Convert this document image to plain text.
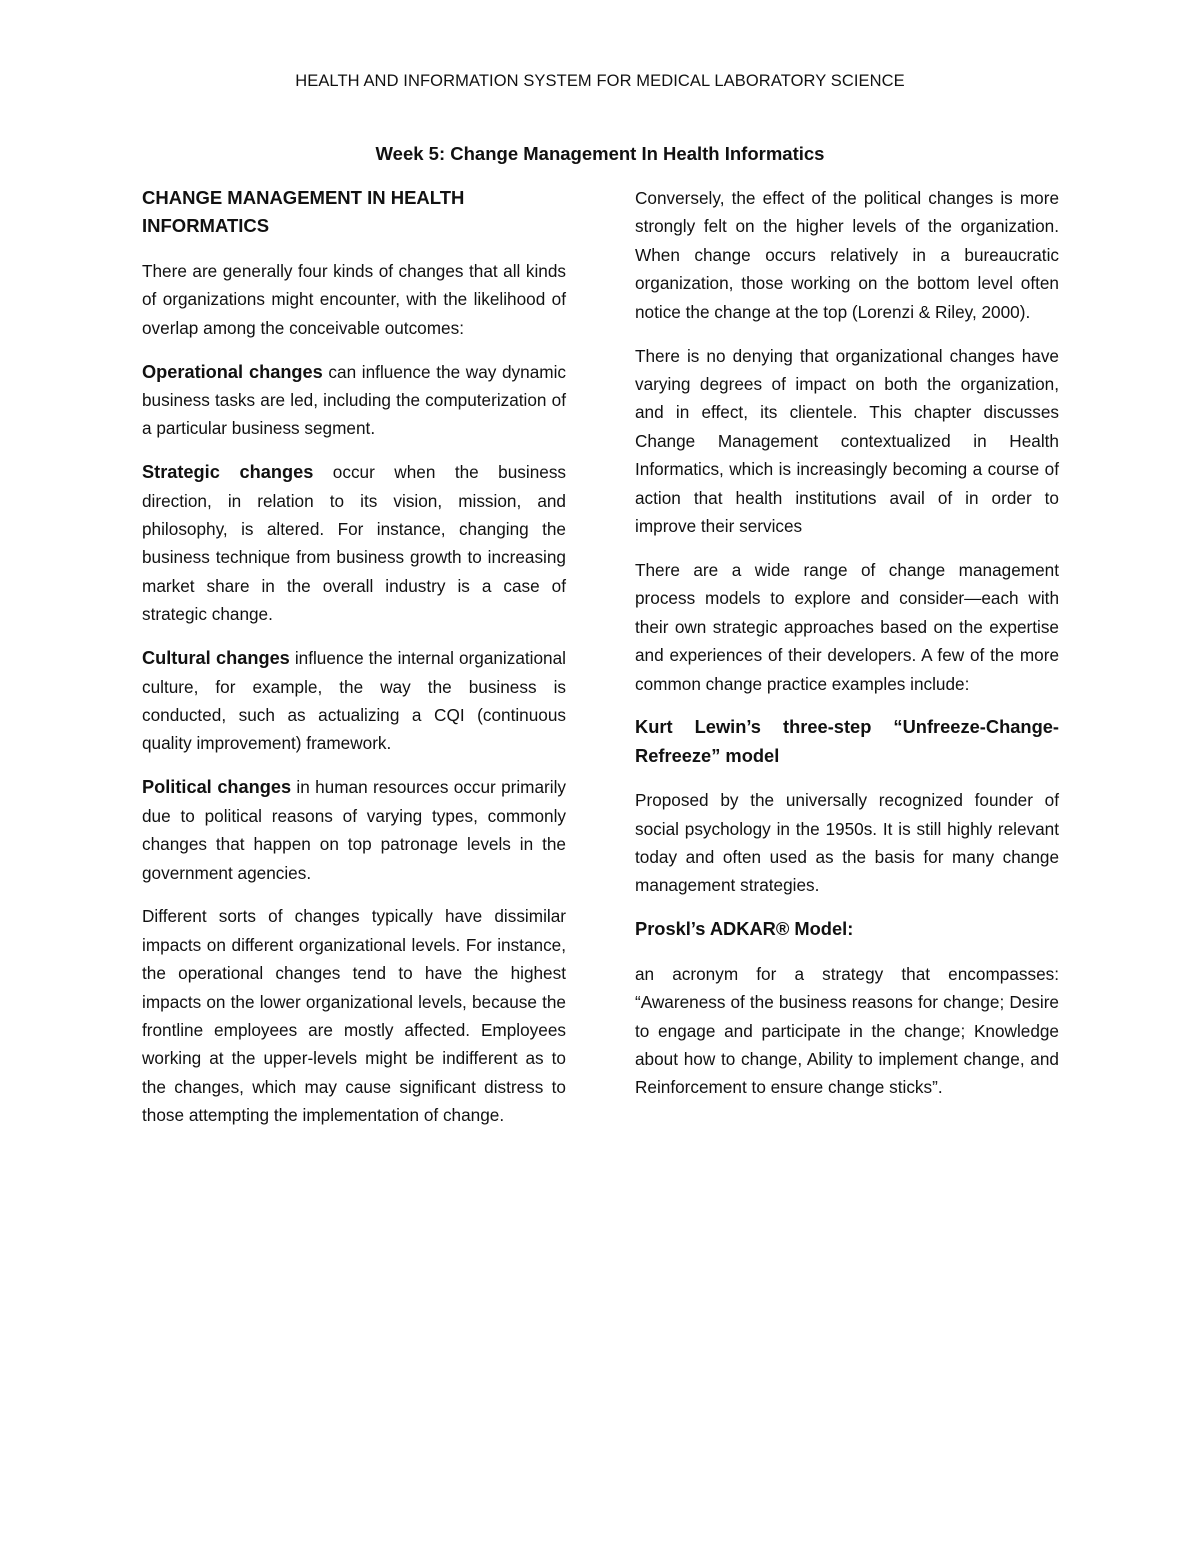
HEALTH AND INFORMATION SYSTEM FOR MEDICAL LABORATORY SCIENCE
Week 5: Change Management In Health Informatics
CHANGE MANAGEMENT IN HEALTH INFORMATICS

There are generally four kinds of changes that all kinds of organizations might encounter, with the likelihood of overlap among the conceivable outcomes:

Operational changes can influence the way dynamic business tasks are led, including the computerization of a particular business segment.

Strategic changes occur when the business direction, in relation to its vision, mission, and philosophy, is altered. For instance, changing the business technique from business growth to increasing market share in the overall industry is a case of strategic change.

Cultural changes influence the internal organizational culture, for example, the way the business is conducted, such as actualizing a CQI (continuous quality improvement) framework.

Political changes in human resources occur primarily due to political reasons of varying types, commonly changes that happen on top patronage levels in the government agencies.

Different sorts of changes typically have dissimilar impacts on different organizational levels. For instance, the operational changes tend to have the highest impacts on the lower organizational levels, because the frontline employees are mostly affected. Employees working at the upper-levels might be indifferent as to the changes, which may cause significant distress to those attempting the implementation of change.

Conversely, the effect of the political changes is more strongly felt on the higher levels of the organization. When change occurs relatively in a bureaucratic organization, those working on the bottom level often notice the change at the top (Lorenzi & Riley, 2000).

There is no denying that organizational changes have varying degrees of impact on both the organization, and in effect, its clientele. This chapter discusses Change Management contextualized in Health Informatics, which is increasingly becoming a course of action that health institutions avail of in order to improve their services

There are a wide range of change management process models to explore and consider—each with their own strategic approaches based on the expertise and experiences of their developers. A few of the more common change practice examples include:

Kurt Lewin’s three-step “Unfreeze-Change-Refreeze” model

Proposed by the universally recognized founder of social psychology in the 1950s. It is still highly relevant today and often used as the basis for many change management strategies.

Proskl’s ADKAR® Model:

an acronym for a strategy that encompasses: “Awareness of the business reasons for change; Desire to engage and participate in the change; Knowledge about how to change, Ability to implement change, and Reinforcement to ensure change sticks”.
